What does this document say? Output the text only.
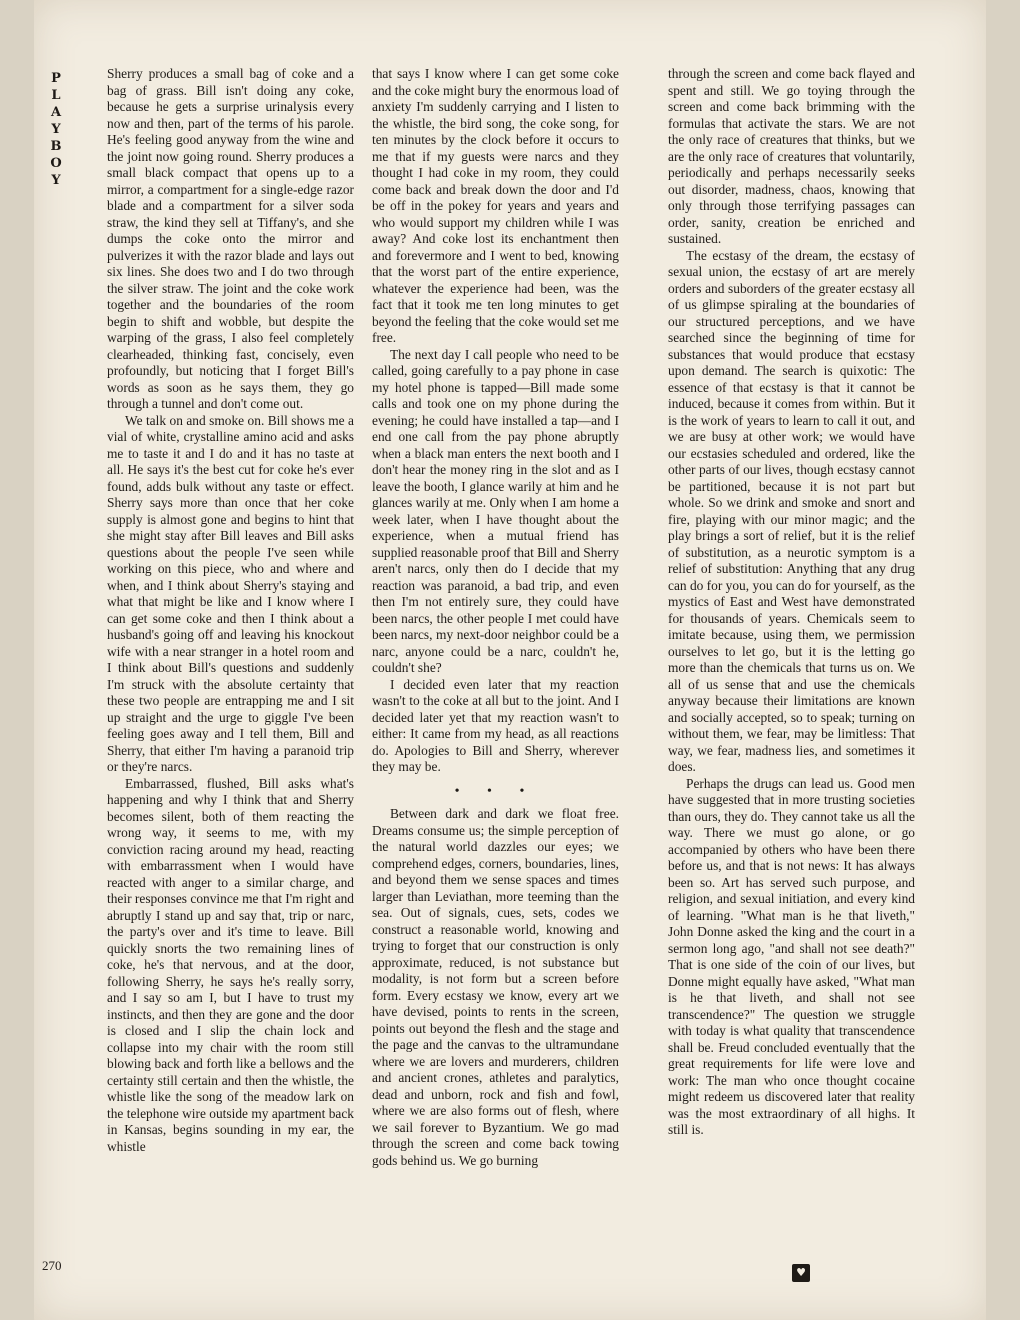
P
L
A
Y
B
O
Y

Sherry produces a small bag of coke and a bag of grass. Bill isn't doing any coke, because he gets a surprise urinalysis every now and then, part of the terms of his parole. He's feeling good anyway from the wine and the joint now going round. Sherry produces a small black compact that opens up to a mirror, a compartment for a single-edge razor blade and a compartment for a silver soda straw, the kind they sell at Tiffany's, and she dumps the coke onto the mirror and pulverizes it with the razor blade and lays out six lines. She does two and I do two through the silver straw. The joint and the coke work together and the boundaries of the room begin to shift and wobble, but despite the warping of the grass, I also feel completely clearheaded, thinking fast, concisely, even profoundly, but noticing that I forget Bill's words as soon as he says them, they go through a tunnel and don't come out.

We talk on and smoke on. Bill shows me a vial of white, crystalline amino acid and asks me to taste it and I do and it has no taste at all. He says it's the best cut for coke he's ever found, adds bulk without any taste or effect. Sherry says more than once that her coke supply is almost gone and begins to hint that she might stay after Bill leaves and Bill asks questions about the people I've seen while working on this piece, who and where and when, and I think about Sherry's staying and what that might be like and I know where I can get some coke and then I think about a husband's going off and leaving his knockout wife with a near stranger in a hotel room and I think about Bill's questions and suddenly I'm struck with the absolute certainty that these two people are entrapping me and I sit up straight and the urge to giggle I've been feeling goes away and I tell them, Bill and Sherry, that either I'm having a paranoid trip or they're narcs.

Embarrassed, flushed, Bill asks what's happening and why I think that and Sherry becomes silent, both of them reacting the wrong way, it seems to me, with my conviction racing around my head, reacting with embarrassment when I would have reacted with anger to a similar charge, and their responses convince me that I'm right and abruptly I stand up and say that, trip or narc, the party's over and it's time to leave. Bill quickly snorts the two remaining lines of coke, he's that nervous, and at the door, following Sherry, he says he's really sorry, and I say so am I, but I have to trust my instincts, and then they are gone and the door is closed and I slip the chain lock and collapse into my chair with the room still blowing back and forth like a bellows and the certainty still certain and then the whistle, the whistle like the song of the meadow lark on the telephone wire outside my apartment back in Kansas, begins sounding in my ear, the whistle

that says I know where I can get some coke and the coke might bury the enormous load of anxiety I'm suddenly carrying and I listen to the whistle, the bird song, the coke song, for ten minutes by the clock before it occurs to me that if my guests were narcs and they thought I had coke in my room, they could come back and break down the door and I'd be off in the pokey for years and years and who would support my children while I was away? And coke lost its enchantment then and forevermore and I went to bed, knowing that the worst part of the entire experience, whatever the experience had been, was the fact that it took me ten long minutes to get beyond the feeling that the coke would set me free.

The next day I call people who need to be called, going carefully to a pay phone in case my hotel phone is tapped—Bill made some calls and took one on my phone during the evening; he could have installed a tap—and I end one call from the pay phone abruptly when a black man enters the next booth and I don't hear the money ring in the slot and as I leave the booth, I glance warily at him and he glances warily at me. Only when I am home a week later, when I have thought about the experience, when a mutual friend has supplied reasonable proof that Bill and Sherry aren't narcs, only then do I decide that my reaction was paranoid, a bad trip, and even then I'm not entirely sure, they could have been narcs, the other people I met could have been narcs, my next-door neighbor could be a narc, anyone could be a narc, couldn't he, couldn't she?

I decided even later that my reaction wasn't to the coke at all but to the joint. And I decided later yet that my reaction wasn't to either: It came from my head, as all reactions do. Apologies to Bill and Sherry, wherever they may be.

• • •

Between dark and dark we float free. Dreams consume us; the simple perception of the natural world dazzles our eyes; we comprehend edges, corners, boundaries, lines, and beyond them we sense spaces and times larger than Leviathan, more teeming than the sea. Out of signals, cues, sets, codes we construct a reasonable world, knowing and trying to forget that our construction is only approximate, reduced, is not substance but modality, is not form but a screen before form. Every ecstasy we know, every art we have devised, points to rents in the screen, points out beyond the flesh and the stage and the page and the canvas to the ultramundane where we are lovers and murderers, children and ancient crones, athletes and paralytics, dead and unborn, rock and fish and fowl, where we are also forms out of flesh, where we sail forever to Byzantium. We go mad through the screen and come back towing gods behind us. We go burning

through the screen and come back flayed and spent and still. We go toying through the screen and come back brimming with the formulas that activate the stars. We are not the only race of creatures that thinks, but we are the only race of creatures that voluntarily, periodically and perhaps necessarily seeks out disorder, madness, chaos, knowing that only through those terrifying passages can order, sanity, creation be enriched and sustained.

The ecstasy of the dream, the ecstasy of sexual union, the ecstasy of art are merely orders and suborders of the greater ecstasy all of us glimpse spiraling at the boundaries of our structured perceptions, and we have searched since the beginning of time for substances that would produce that ecstasy upon demand. The search is quixotic: The essence of that ecstasy is that it cannot be induced, because it comes from within. But it is the work of years to learn to call it out, and we are busy at other work; we would have our ecstasies scheduled and ordered, like the other parts of our lives, though ecstasy cannot be partitioned, because it is not part but whole. So we drink and smoke and snort and fire, playing with our minor magic; and the play brings a sort of relief, but it is the relief of substitution, as a neurotic symptom is a relief of substitution: Anything that any drug can do for you, you can do for yourself, as the mystics of East and West have demonstrated for thousands of years. Chemicals seem to imitate because, using them, we permission ourselves to let go, but it is the letting go more than the chemicals that turns us on. We all of us sense that and use the chemicals anyway because their limitations are known and socially accepted, so to speak; turning on without them, we fear, may be limitless: That way, we fear, madness lies, and sometimes it does.

Perhaps the drugs can lead us. Good men have suggested that in more trusting societies than ours, they do. They cannot take us all the way. There we must go alone, or go accompanied by others who have been there before us, and that is not news: It has always been so. Art has served such purpose, and religion, and sexual initiation, and every kind of learning. "What man is he that liveth," John Donne asked the king and the court in a sermon long ago, "and shall not see death?" That is one side of the coin of our lives, but Donne might equally have asked, "What man is he that liveth, and shall not see transcendence?" The question we struggle with today is what quality that transcendence shall be. Freud concluded eventually that the great requirements for life were love and work: The man who once thought cocaine might redeem us discovered later that reality was the most extraordinary of all highs. It still is.

270	♥
